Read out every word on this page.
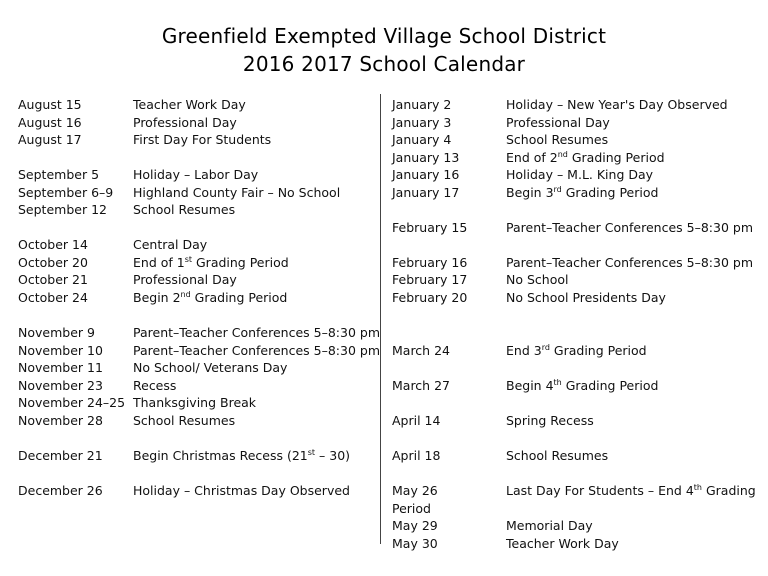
Greenfield Exempted Village School District
2016 2017 School Calendar
August 15	Teacher Work Day
August 16	Professional Day
August 17	First Day For Students
September 5	Holiday – Labor Day
September 6–9 Highland County Fair – No School
September 12 School Resumes
October 14	Central Day
October 20	End of 1st Grading Period
October 21	Professional Day
October 24	Begin 2nd Grading Period
November 9	Parent–Teacher Conferences 5–8:30 pm
November 10 Parent–Teacher Conferences 5–8:30 pm
November 11 No School/ Veterans Day
November 23 Recess
November 24–25 Thanksgiving Break
November 28 School Resumes
December 21 Begin Christmas Recess (21st – 30)
December 26 Holiday – Christmas Day Observed
January 2	Holiday – New Year's Day Observed
January 3	Professional Day
January 4	School Resumes
January 13	End of 2nd Grading Period
January 16	Holiday – M.L. King Day
January 17	Begin 3rd Grading Period
February 15	Parent–Teacher Conferences 5–8:30 pm
February 16	Parent–Teacher Conferences 5–8:30 pm
February 17	No School
February 20	No School Presidents Day
March 24	End 3rd Grading Period
March 27	Begin 4th Grading Period
April 14	Spring Recess
April 18	School Resumes
May 26	Last Day For Students – End 4th Grading
Period
May 29	Memorial Day
May 30	Teacher Work Day
